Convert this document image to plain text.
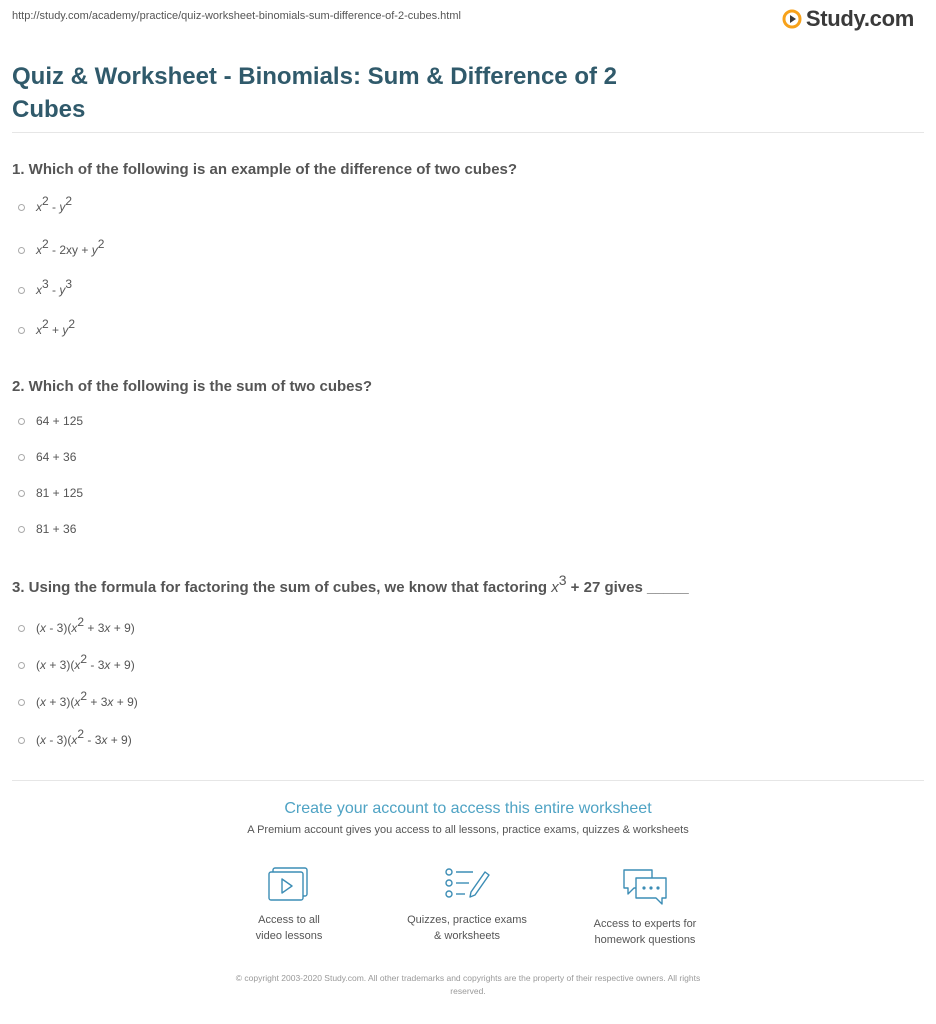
http://study.com/academy/practice/quiz-worksheet-binomials-sum-difference-of-2-cubes.html	Study.com
Quiz & Worksheet - Binomials: Sum & Difference of 2
Cubes
1. Which of the following is an example of the difference of two cubes?
$x^2 - y^2$
$x^2 - 2xy + y^2$
$x^3 - y^3$
$x^2 + y^2$
2. Which of the following is the sum of two cubes?
64 + 125
64 + 36
81 + 125
81 + 36
3. Using the formula for factoring the sum of cubes, we know that factoring $x^3 + 27$ gives _____
$(x - 3)(x^2 + 3x + 9)$
$(x + 3)(x^2 - 3x + 9)$
$(x + 3)(x^2 + 3x + 9)$
$(x - 3)(x^2 - 3x + 9)$
Create your account to access this entire worksheet
A Premium account gives you access to all lessons, practice exams, quizzes & worksheets
Access to all
video lessons
Quizzes, practice exams
& worksheets
Access to experts for
homework questions
© copyright 2003-2020 Study.com. All other trademarks and copyrights are the property of their respective owners. All rights
reserved.
